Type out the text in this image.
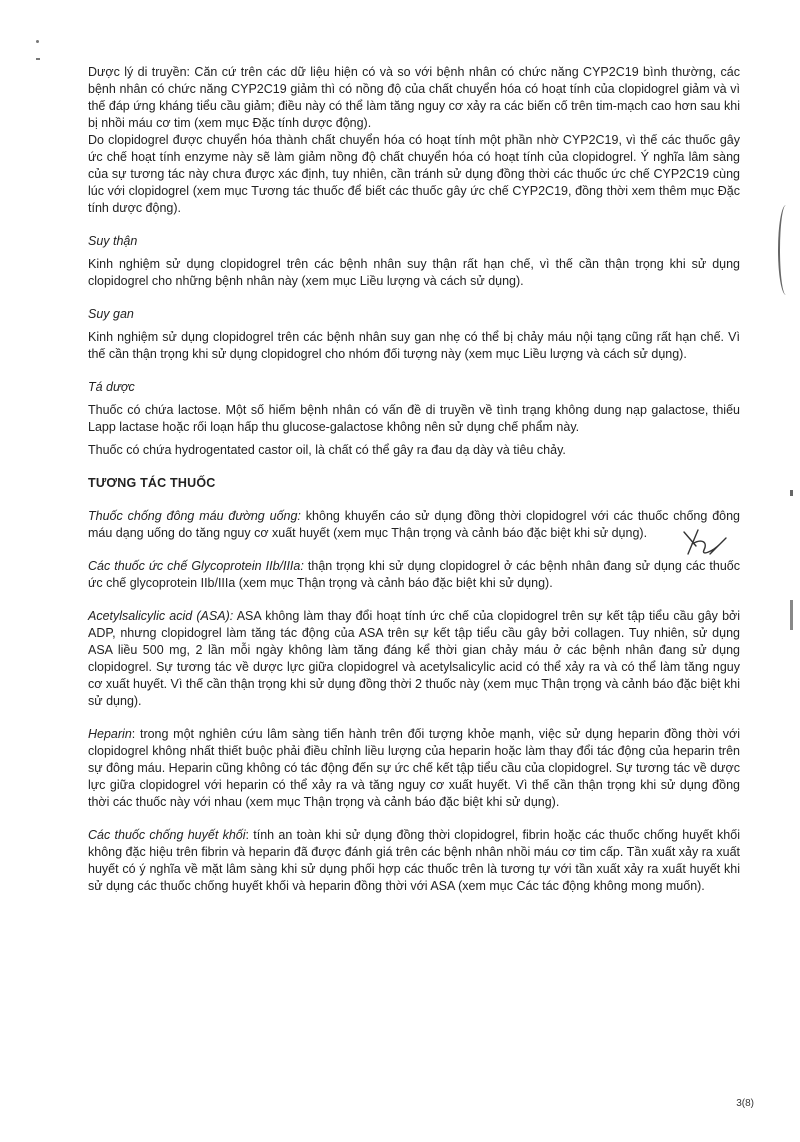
Dược lý di truyền: Căn cứ trên các dữ liệu hiện có và so với bệnh nhân có chức năng CYP2C19 bình thường, các bệnh nhân có chức năng CYP2C19 giảm thì có nồng độ của chất chuyển hóa có hoạt tính của clopidogrel giảm và vì thế đáp ứng kháng tiểu cầu giảm; điều này có thể làm tăng nguy cơ xảy ra các biến cố trên tim-mạch cao hơn sau khi bị nhồi máu cơ tim (xem mục Đặc tính dược động).

Do clopidogrel được chuyển hóa thành chất chuyển hóa có hoạt tính một phần nhờ CYP2C19, vì thế các thuốc gây ức chế hoạt tính enzyme này sẽ làm giảm nồng độ chất chuyển hóa có hoạt tính của clopidogrel. Ý nghĩa lâm sàng của sự tương tác này chưa được xác định, tuy nhiên, cần tránh sử dụng đồng thời các thuốc ức chế CYP2C19 cùng lúc với clopidogrel (xem mục Tương tác thuốc để biết các thuốc gây ức chế CYP2C19, đồng thời xem thêm mục Đặc tính dược động).

Suy thận

Kinh nghiệm sử dụng clopidogrel trên các bệnh nhân suy thận rất hạn chế, vì thế cần thận trọng khi sử dụng clopidogrel cho những bệnh nhân này (xem mục Liều lượng và cách sử dụng).

Suy gan

Kinh nghiệm sử dụng clopidogrel trên các bệnh nhân suy gan nhẹ có thể bị chảy máu nội tạng cũng rất hạn chế. Vì thế cần thận trọng khi sử dụng clopidogrel cho nhóm đối tượng này (xem mục Liều lượng và cách sử dụng).

Tá dược

Thuốc có chứa lactose. Một số hiếm bệnh nhân có vấn đề di truyền về tình trạng không dung nạp galactose, thiếu Lapp lactase hoặc rối loạn hấp thu glucose-galactose không nên sử dụng chế phẩm này.

Thuốc có chứa hydrogentated castor oil, là chất có thể gây ra đau dạ dày và tiêu chảy.

TƯƠNG TÁC THUỐC

Thuốc chống đông máu đường uống: không khuyến cáo sử dụng đồng thời clopidogrel với các thuốc chống đông máu dạng uống do tăng nguy cơ xuất huyết (xem mục Thận trọng và cảnh báo đặc biệt khi sử dụng).

Các thuốc ức chế Glycoprotein IIb/IIIa: thận trọng khi sử dụng clopidogrel ở các bệnh nhân đang sử dụng các thuốc ức chế glycoprotein IIb/IIIa (xem mục Thận trọng và cảnh báo đặc biệt khi sử dụng).

Acetylsalicylic acid (ASA): ASA không làm thay đổi hoạt tính ức chế của clopidogrel trên sự kết tập tiểu cầu gây bởi ADP, nhưng clopidogrel làm tăng tác động của ASA trên sự kết tập tiểu cầu gây bởi collagen. Tuy nhiên, sử dụng ASA liều 500 mg, 2 lần mỗi ngày không làm tăng đáng kể thời gian chảy máu ở các bệnh nhân đang sử dụng clopidogrel. Sự tương tác về dược lực giữa clopidogrel và acetylsalicylic acid có thể xảy ra và có thể làm tăng nguy cơ xuất huyết. Vì thế cần thận trọng khi sử dụng đồng thời 2 thuốc này (xem mục Thận trọng và cảnh báo đặc biệt khi sử dụng).

Heparin: trong một nghiên cứu lâm sàng tiến hành trên đối tượng khỏe mạnh, việc sử dụng heparin đồng thời với clopidogrel không nhất thiết buộc phải điều chỉnh liều lượng của heparin hoặc làm thay đổi tác động của heparin trên sự đông máu. Heparin cũng không có tác động đến sự ức chế kết tập tiểu cầu của clopidogrel. Sự tương tác về dược lực giữa clopidogrel với heparin có thể xảy ra và tăng nguy cơ xuất huyết. Vì thế cần thận trọng khi sử dụng đồng thời các thuốc này với nhau (xem mục Thận trọng và cảnh báo đặc biệt khi sử dụng).

Các thuốc chống huyết khối: tính an toàn khi sử dụng đồng thời clopidogrel, fibrin hoặc các thuốc chống huyết khối không đặc hiệu trên fibrin và heparin đã được đánh giá trên các bệnh nhân nhồi máu cơ tim cấp. Tần xuất xảy ra xuất huyết có ý nghĩa về mặt lâm sàng khi sử dụng phối hợp các thuốc trên là tương tự với tần xuất xảy ra xuất huyết khi sử dụng các thuốc chống huyết khối và heparin đồng thời với ASA (xem mục Các tác động không mong muốn).

3(8)
